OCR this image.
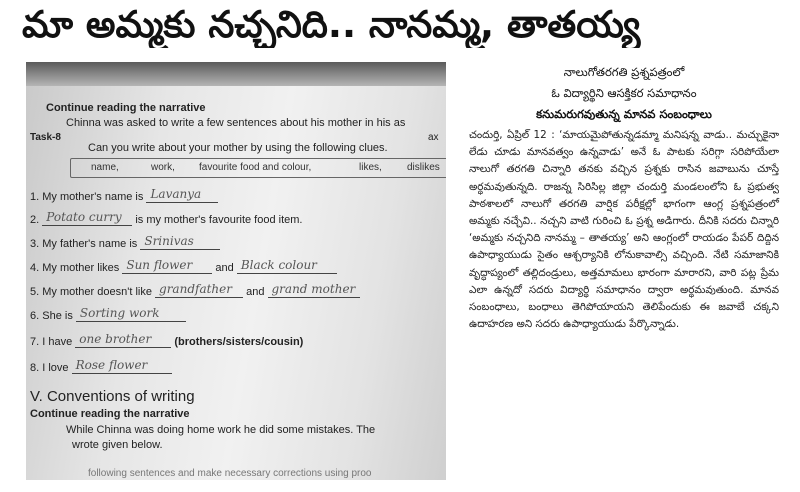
మా అమ్మకు నచ్చనిది.. నానమ్మ, తాతయ్య
Continue reading the narrative
Chinna was asked to write a few sentences about his mother in his as
Task-8	ax
Can you write about your mother by using the following clues.
name,	work, favourite food and colour,	likes,	dislikes
1. My mother's name is Lavanya
2. Potato curry is my mother's favourite food item.
3. My father's name is Srinivas
4. My mother likes Sun flower and Black colour
5. My mother doesn't like grandfather and grand mother
6. She is Sorting work
7. I have one brother (brothers/sisters/cousin)
8. I love Rose flower
V. Conventions of writing
Continue reading the narrative
While Chinna was doing home work he did some mistakes. The
wrote given below.
following sentences and make necessary corrections using proo
నాలుగోతరగతి ప్రశ్నపత్రంలో
ఓ విద్యార్థిని ఆసక్తికర సమాధానం
కనుమరుగవుతున్న మానవ సంబంధాలు
చందుర్తి, ఏప్రిల్ 12 : ‘మాయమైపోతున్నడమ్మా మనిషన్న వాడు.. మచ్చుకైనా లేడు చూడు మానవత్వం ఉన్నవాడు’ అనే ఓ పాటకు సరిగ్గా సరిపోయేలా నాలుగో తరగతి చిన్నారి తనకు వచ్చిన ప్రశ్నకు రాసిన జవాబును చూస్తే అర్థమవుతున్నది. రాజన్న సిరిసిల్ల జిల్లా చందుర్తి మండలంలోని ఓ ప్రభుత్వ పాఠశాలలో నాలుగో తరగతి వార్షిక పరీక్షల్లో భాగంగా ఆంగ్ల ప్రశ్నపత్రంలో అమ్మకు నచ్చేవి.. నచ్చని వాటి గురించి ఓ ప్రశ్న అడిగారు. దీనికి సదరు చిన్నారి ‘అమ్మకు నచ్చనిది నానమ్మ – తాతయ్య’ అని ఆంగ్లంలో రాయడం పేపర్ దిద్దిన ఉపాధ్యాయుడు సైతం ఆశ్చర్యానికి లోనుకావాల్సి వచ్చింది. నేటి సమాజానికి వృద్ధాప్యంలో తల్లిదండ్రులు, అత్తమామలు భారంగా మారారని, వారి పట్ల ప్రేమ ఎలా ఉన్నదో సదరు విద్యార్థి సమాధానం ద్వారా అర్థమవుతుంది. మానవ సంబంధాలు, బంధాలు తెగిపోయాయని తెలిపేందుకు ఈ జవాబే చక్కని ఉదాహరణ అని సదరు ఉపాధ్యాయుడు పేర్కొన్నాడు.
